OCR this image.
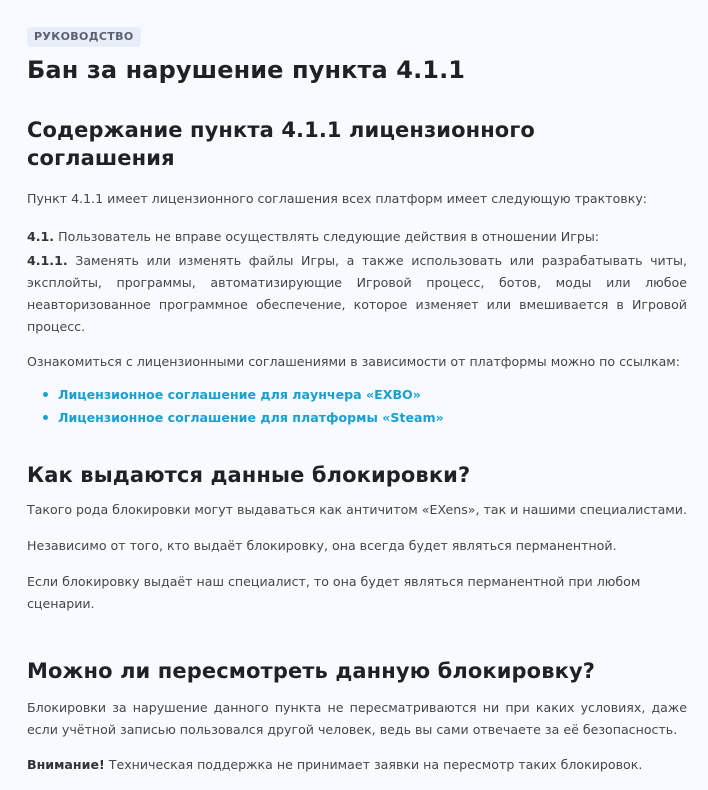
РУКОВОДСТВО
Бан за нарушение пункта 4.1.1
Содержание пункта 4.1.1 лицензионного соглашения

Пункт 4.1.1 имеет лицензионного соглашения всех платформ имеет следующую трактовку:

4.1. Пользователь не вправе осуществлять следующие действия в отношении Игры:

4.1.1. Заменять или изменять файлы Игры, а также использовать или разрабатывать читы, эксплойты, программы, автоматизирующие Игровой процесс, ботов, моды или любое неавторизованное программное обеспечение, которое изменяет или вмешивается в Игровой процесс.

Ознакомиться с лицензионными соглашениями в зависимости от платформы можно по ссылкам:

Лицензионное соглашение для лаунчера «EXBO»
Лицензионное соглашение для платформы «Steam»
Как выдаются данные блокировки?

Такого рода блокировки могут выдаваться как античитом «EXens», так и нашими специалистами.

Независимо от того, кто выдаёт блокировку, она всегда будет являться перманентной.

Если блокировку выдаёт наш специалист, то она будет являться перманентной при любом сценарии.

Можно ли пересмотреть данную блокировку?

Блокировки за нарушение данного пункта не пересматриваются ни при каких условиях, даже если учётной записью пользовался другой человек, ведь вы сами отвечаете за её безопасность.

Внимание! Техническая поддержка не принимает заявки на пересмотр таких блокировок.
